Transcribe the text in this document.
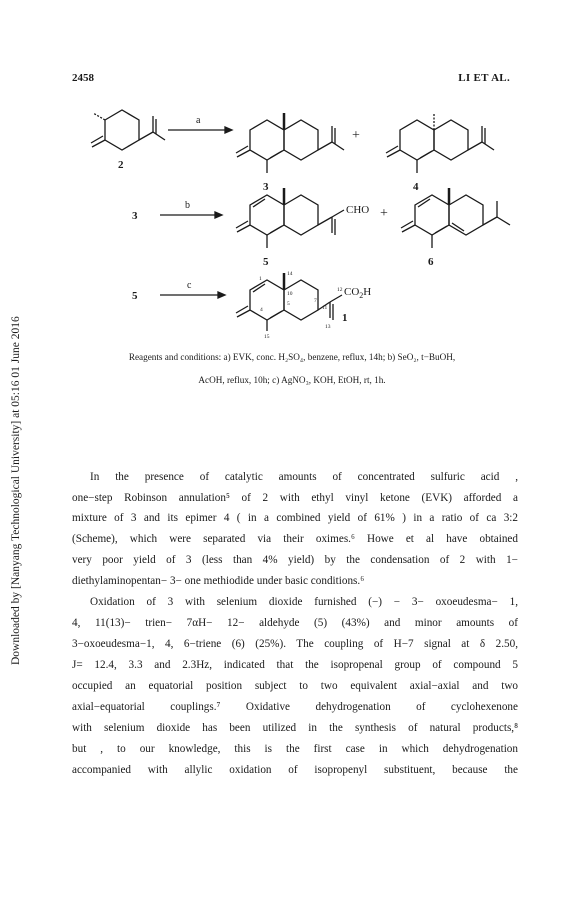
2458	LI ET AL.
Downloaded by [Nanyang Technological University] at 05:16 01 June 2016
2
a
3
+
4
3
b	CHO
5
+
6
5
c
$CO_2H$
1
1
14
5
10
4
7
12
11
15
13
Reagents and conditions: a) EVK, conc. H₂SO₄, benzene, reflux, 14h; b) SeO₂, t−BuOH,
AcOH, reflux, 10h; c) AgNO₃, KOH, EtOH, rt, 1h.
In the presence of catalytic amounts of concentrated sulfuric acid ,
one−step Robinson annulation⁵ of 2 with ethyl vinyl ketone (EVK) afforded a
mixture of 3 and its epimer 4 ( in a combined yield of 61% ) in a ratio of ca 3:2
(Scheme), which were separated via their oximes.⁶ Howe et al have obtained
very poor yield of 3 (less than 4% yield) by the condensation of 2 with 1−
diethylaminopentan− 3− one methiodide under basic conditions.⁶
Oxidation of 3 with selenium dioxide furnished (−) − 3− oxoeudesma− 1,
4, 11(13)− trien− 7αH− 12− aldehyde (5) (43%) and minor amounts of
3−oxoeudesma−1, 4, 6−triene (6) (25%). The coupling of H−7 signal at δ 2.50,
J= 12.4, 3.3 and 2.3Hz, indicated that the isopropenal group of compound 5
occupied an equatorial position subject to two equivalent axial−axial and two
axial−equatorial couplings.⁷ Oxidative dehydrogenation of cyclohexenone
with selenium dioxide has been utilized in the synthesis of natural products,⁸
but , to our knowledge, this is the first case in which dehydrogenation
accompanied with allylic oxidation of isopropenyl substituent, because the
